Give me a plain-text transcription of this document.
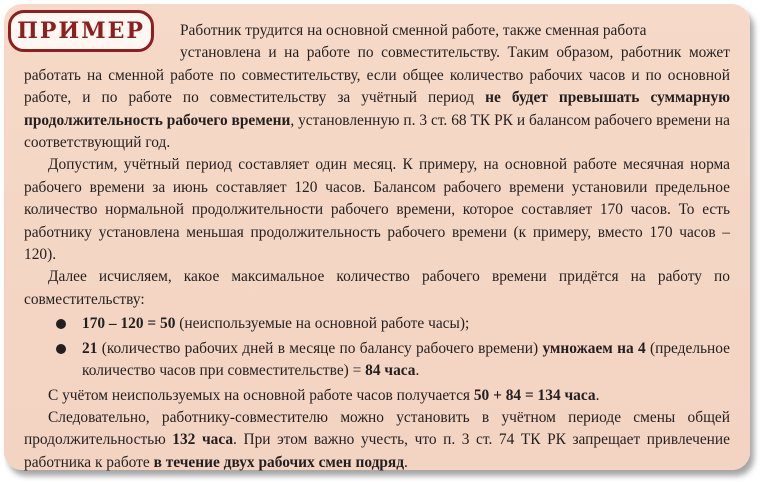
ПРИМЕР	Работник трудится на основной сменной работе, также сменная работа
установлена и на работе по совместительству. Таким образом, работник может работать на сменной работе по совместительству, если общее количество рабочих часов и по основной работе, и по работе по совместительству за учётный период не будет превышать суммарную продолжительность рабочего времени, установленную п. 3 ст. 68 ТК РК и балансом рабочего времени на соответствующий год.

Допустим, учётный период составляет один месяц. К примеру, на основной работе месячная норма рабочего времени за июнь составляет 120 часов. Балансом рабочего времени установили предельное количество нормальной продолжительности рабочего времени, которое составляет 170 часов. То есть работнику установлена меньшая продолжительность рабочего времени (к примеру, вместо 170 часов – 120).

Далее исчисляем, какое максимальное количество рабочего времени придётся на работу по совместительству:

170 – 120 = 50 (неиспользуемые на основной работе часы);
21 (количество рабочих дней в месяце по балансу рабочего времени) умножаем на 4 (предельное количество часов при совместительстве) = 84 часа.

С учётом неиспользуемых на основной работе часов получается 50 + 84 = 134 часа.

Следовательно, работнику-совместителю можно установить в учётном периоде смены общей продолжительностью 132 часа. При этом важно учесть, что п. 3 ст. 74 ТК РК запрещает привлечение работника к работе в течение двух рабочих смен подряд.
